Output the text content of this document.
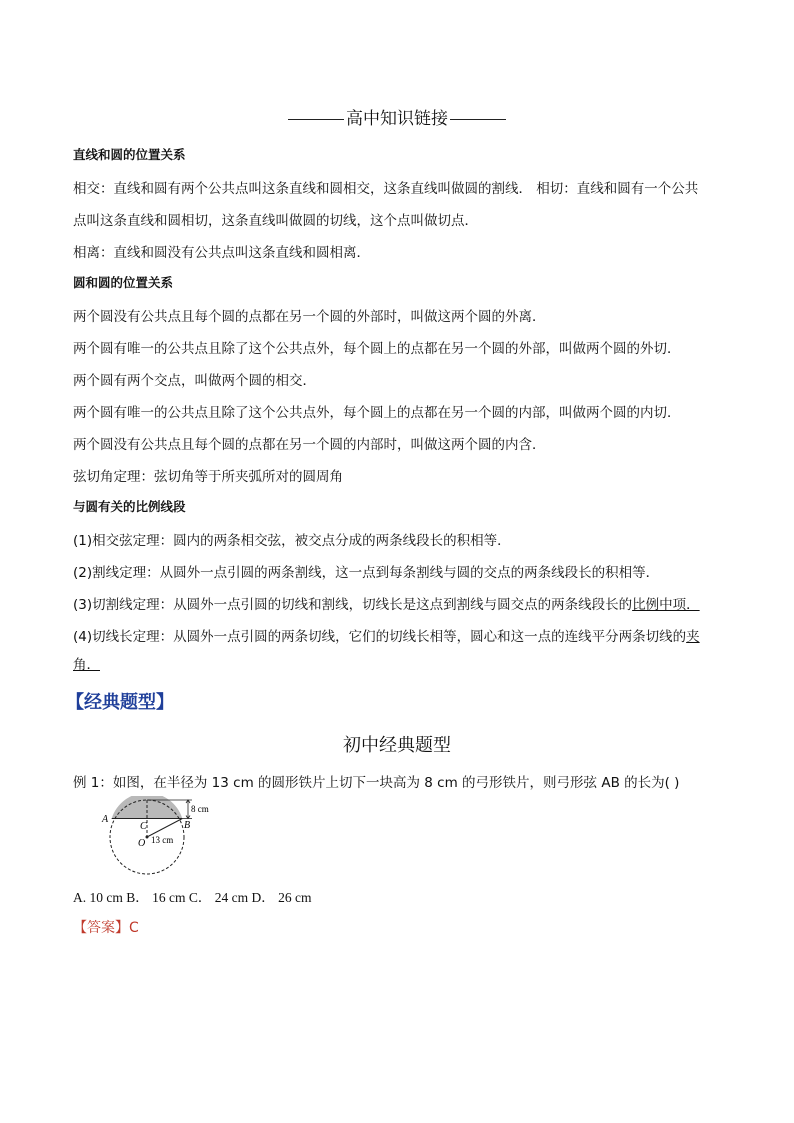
高中知识链接
直线和圆的位置关系
相交：直线和圆有两个公共点叫这条直线和圆相交，这条直线叫做圆的割线． 相切：直线和圆有一个公共
点叫这条直线和圆相切，这条直线叫做圆的切线，这个点叫做切点．
相离：直线和圆没有公共点叫这条直线和圆相离．
圆和圆的位置关系
两个圆没有公共点且每个圆的点都在另一个圆的外部时，叫做这两个圆的外离．
两个圆有唯一的公共点且除了这个公共点外，每个圆上的点都在另一个圆的外部，叫做两个圆的外切．
两个圆有两个交点，叫做两个圆的相交．
两个圆有唯一的公共点且除了这个公共点外，每个圆上的点都在另一个圆的内部，叫做两个圆的内切．
两个圆没有公共点且每个圆的点都在另一个圆的内部时，叫做这两个圆的内含．
弦切角定理：弦切角等于所夹弧所对的圆周角
与圆有关的比例线段
(1)相交弦定理：圆内的两条相交弦，被交点分成的两条线段长的积相等．
(2)割线定理：从圆外一点引圆的两条割线，这一点到每条割线与圆的交点的两条线段长的积相等．
(3)切割线定理：从圆外一点引圆的切线和割线，切线长是这点到割线与圆交点的两条线段长的比例中项．
(4)切线长定理：从圆外一点引圆的两条切线，它们的切线长相等，圆心和这一点的连线平分两条切线的夹
角．
【经典题型】
初中经典题型
例 1：如图，在半径为 13 cm 的圆形铁片上切下一块高为 8 cm 的弓形铁片，则弓形弦 AB 的长为( )
A
B
C
O
8 cm
13 cm
A. 10 cm B． 16 cm C． 24 cm D． 26 cm
【答案】C
